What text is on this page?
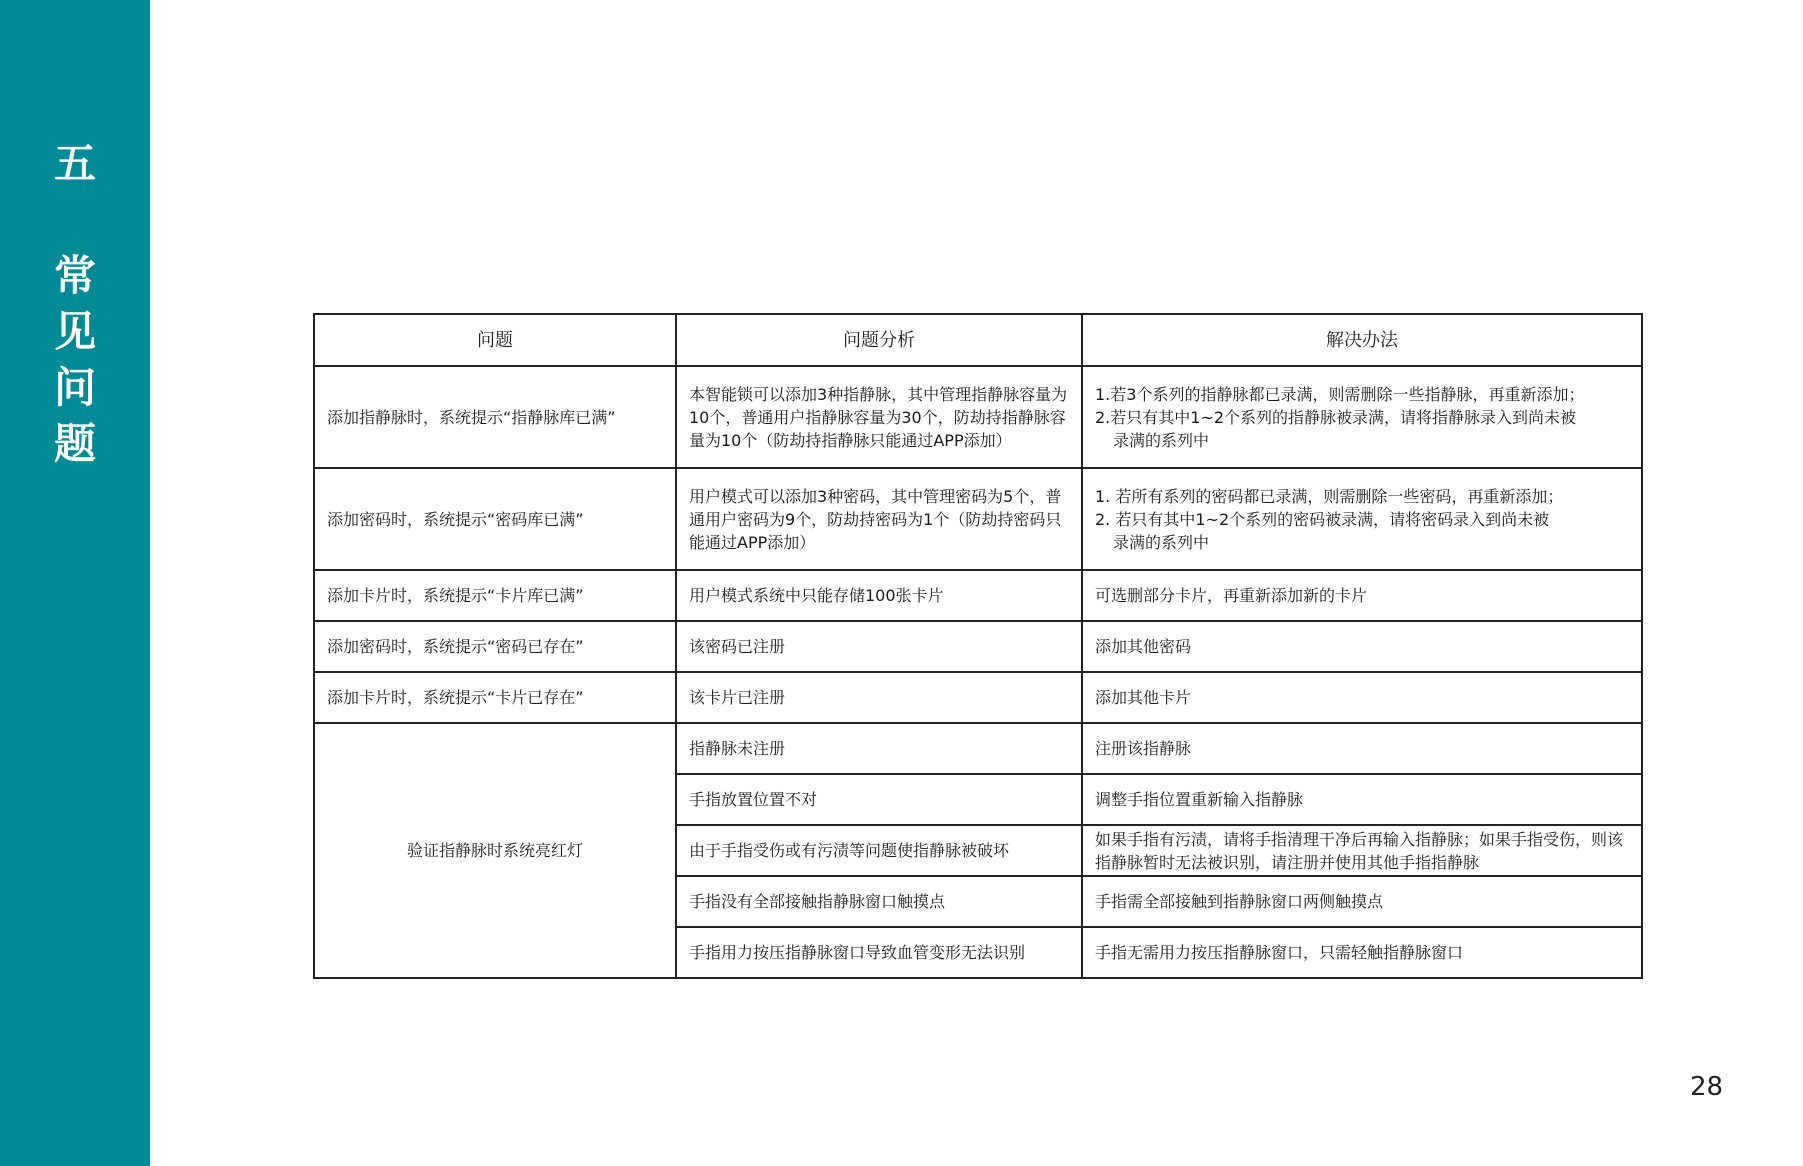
五
常
见
问
题
问题	问题分析	解决办法
添加指静脉时，系统提示“指静脉库已满”	本智能锁可以添加3种指静脉，其中管理指静脉容量为10个，普通用户指静脉容量为30个，防劫持指静脉容量为10个（防劫持指静脉只能通过APP添加）	1.若3个系列的指静脉都已录满，则需删除一些指静脉，再重新添加；
2.若只有其中1~2个系列的指静脉被录满，请将指静脉录入到尚未被
录满的系列中

添加密码时，系统提示“密码库已满”	用户模式可以添加3种密码，其中管理密码为5个，普通用户密码为9个，防劫持密码为1个（防劫持密码只能通过APP添加）	1. 若所有系列的密码都已录满，则需删除一些密码，再重新添加；
2. 若只有其中1~2个系列的密码被录满，请将密码录入到尚未被
录满的系列中

添加卡片时，系统提示“卡片库已满”	用户模式系统中只能存储100张卡片	可选删部分卡片，再重新添加新的卡片
添加密码时，系统提示“密码已存在”	该密码已注册	添加其他密码
添加卡片时，系统提示“卡片已存在”	该卡片已注册	添加其他卡片
验证指静脉时系统亮红灯	指静脉未注册	注册该指静脉
	手指放置位置不对	调整手指位置重新输入指静脉
	由于手指受伤或有污渍等问题使指静脉被破坏	如果手指有污渍，请将手指清理干净后再输入指静脉；如果手指受伤，则该指静脉暂时无法被识别，请注册并使用其他手指指静脉
	手指没有全部接触指静脉窗口触摸点	手指需全部接触到指静脉窗口两侧触摸点
	手指用力按压指静脉窗口导致血管变形无法识别	手指无需用力按压指静脉窗口，只需轻触指静脉窗口
28
